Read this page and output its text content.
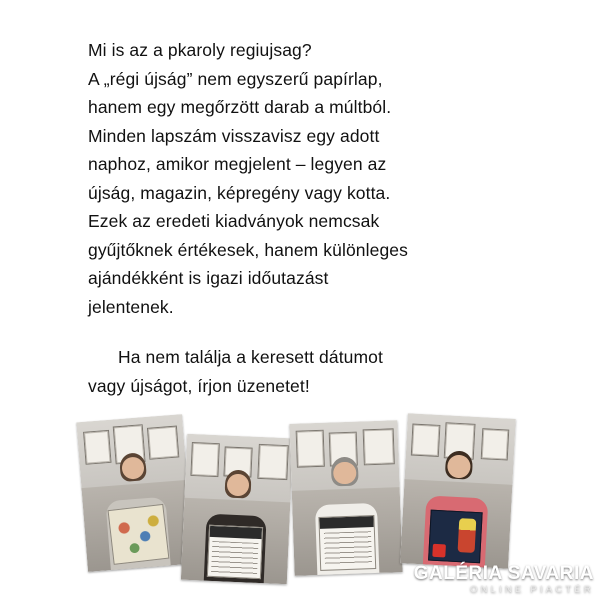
Mi is az a pkaroly regiujsag?
A „régi újság” nem egyszerű papírlap,
hanem egy megőrzött darab a múltból.
Minden lapszám visszavisz egy adott
naphoz, amikor megjelent – legyen az
újság, magazin, képregény vagy kotta.
Ezek az eredeti kiadványok nemcsak
gyűjtőknek értékesek, hanem különleges
ajándékként is igazi időutazást
jelentenek.

Ha nem találja a keresett dátumot
vagy újságot, írjon üzenetet!

GALÉRIA SAVARIA
ONLINE PIACTÉR
